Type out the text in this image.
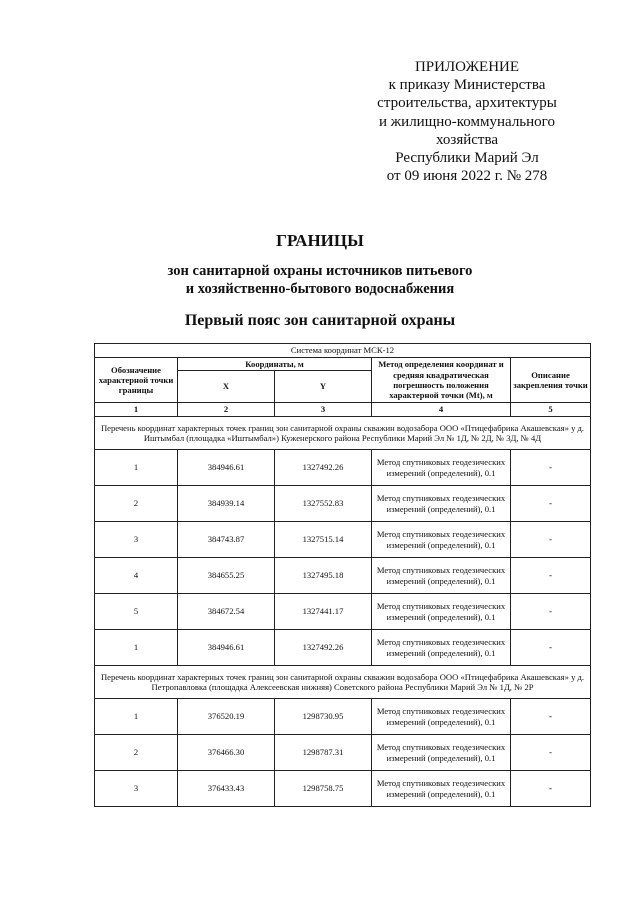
ПРИЛОЖЕНИЕ
к приказу Министерства
строительства, архитектуры
и жилищно-коммунального
хозяйства
Республики Марий Эл
от 09 июня 2022 г. № 278
ГРАНИЦЫ
зон санитарной охраны источников питьевого
и хозяйственно-бытового водоснабжения
Первый пояс зон санитарной охраны
Система координат МСК-12				
Обозначение характерной точки границы	Координаты, м		Метод определения координат и средняя квадратическая погрешность положения характерной точки (Mt), м	Описание закрепления точки
	X	Y		
1	2	3	4	5
Перечень координат характерных точек границ зон санитарной охраны скважин водозабора ООО «Птицефабрика Акашевская» у д. Иштымбал (площадка «Иштымбал») Куженерского района Республики Марий Эл № 1Д, № 2Д, № 3Д, № 4Д				
1	384946.61	1327492.26	Метод спутниковых геодезических измерений (определений), 0.1	-
2	384939.14	1327552.83	Метод спутниковых геодезических измерений (определений), 0.1	-
3	384743.87	1327515.14	Метод спутниковых геодезических измерений (определений), 0.1	-
4	384655.25	1327495.18	Метод спутниковых геодезических измерений (определений), 0.1	-
5	384672.54	1327441.17	Метод спутниковых геодезических измерений (определений), 0.1	-
1	384946.61	1327492.26	Метод спутниковых геодезических измерений (определений), 0.1	-
Перечень координат характерных точек границ зон санитарной охраны скважин водозабора ООО «Птицефабрика Акашевская» у д. Петропавловка (площадка Алексеевская нижняя) Советского района Республики Марий Эл № 1Д, № 2Р				
1	376520.19	1298730.95	Метод спутниковых геодезических измерений (определений), 0.1	-
2	376466.30	1298787.31	Метод спутниковых геодезических измерений (определений), 0.1	-
3	376433.43	1298758.75	Метод спутниковых геодезических измерений (определений), 0.1	-
